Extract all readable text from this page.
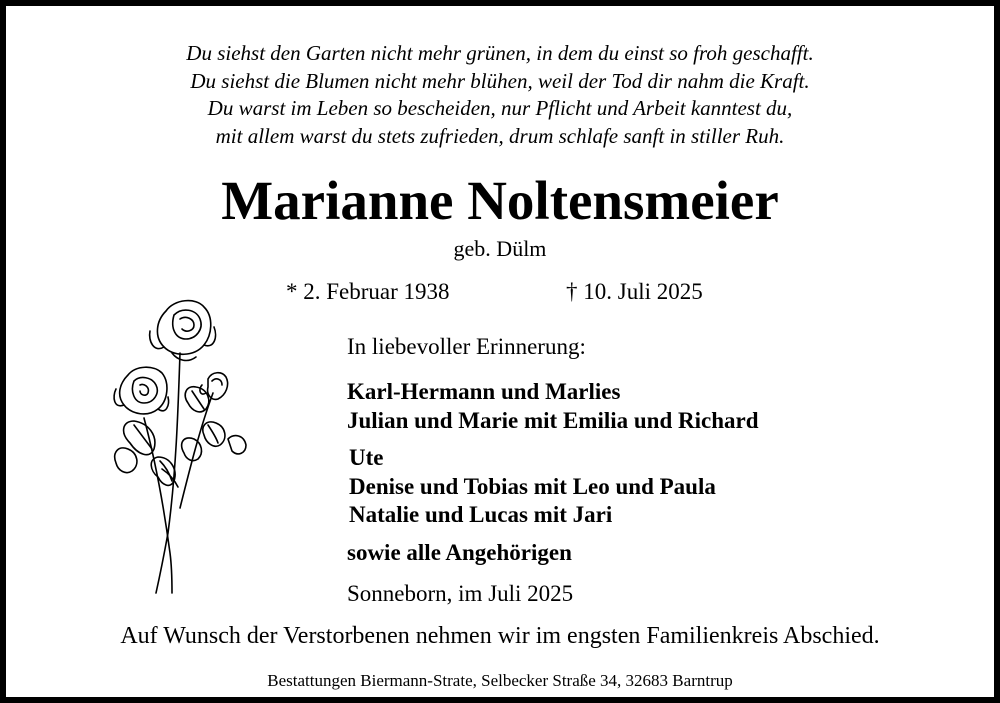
Du siehst den Garten nicht mehr grünen, in dem du einst so froh geschafft.
Du siehst die Blumen nicht mehr blühen, weil der Tod dir nahm die Kraft.
Du warst im Leben so bescheiden, nur Pflicht und Arbeit kanntest du,
mit allem warst du stets zufrieden, drum schlafe sanft in stiller Ruh.
Marianne Noltensmeier
geb. Dülm
* 2. Februar 1938	† 10. Juli 2025
In liebevoller Erinnerung:
Karl-Hermann und Marlies
Julian und Marie mit Emilia und Richard
Ute
Denise und Tobias mit Leo und Paula
Natalie und Lucas mit Jari
sowie alle Angehörigen
Sonneborn, im Juli 2025
Auf Wunsch der Verstorbenen nehmen wir im engsten Familienkreis Abschied.
Bestattungen Biermann-Strate, Selbecker Straße 34, 32683 Barntrup
